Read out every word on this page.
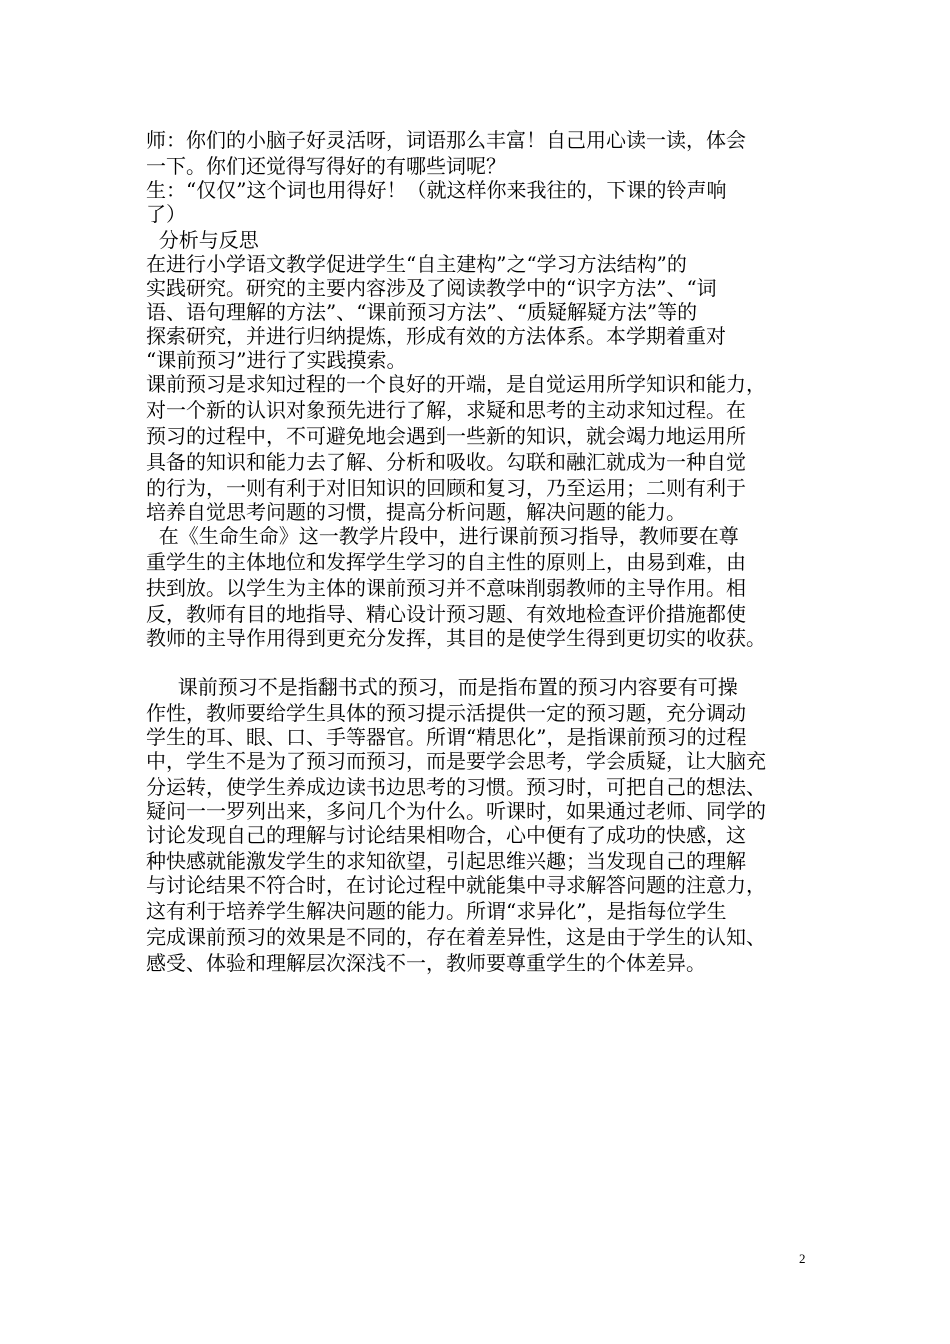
师：你们的小脑子好灵活呀，词语那么丰富！自己用心读一读，体会
一下。你们还觉得写得好的有哪些词呢？
生：“仅仅”这个词也用得好！（就这样你来我往的，下课的铃声响
了）
分析与反思
在进行小学语文教学促进学生“自主建构”之“学习方法结构”的
实践研究。研究的主要内容涉及了阅读教学中的“识字方法”、“词
语、语句理解的方法”、“课前预习方法”、“质疑解疑方法”等的
探索研究，并进行归纳提炼，形成有效的方法体系。本学期着重对
“课前预习”进行了实践摸索。
课前预习是求知过程的一个良好的开端，是自觉运用所学知识和能力，
对一个新的认识对象预先进行了解，求疑和思考的主动求知过程。在
预习的过程中，不可避免地会遇到一些新的知识，就会竭力地运用所
具备的知识和能力去了解、分析和吸收。勾联和融汇就成为一种自觉
的行为，一则有利于对旧知识的回顾和复习，乃至运用；二则有利于
培养自觉思考问题的习惯，提高分析问题，解决问题的能力。
在《生命生命》这一教学片段中，进行课前预习指导，教师要在尊
重学生的主体地位和发挥学生学习的自主性的原则上，由易到难，由
扶到放。以学生为主体的课前预习并不意味削弱教师的主导作用。相
反，教师有目的地指导、精心设计预习题、有效地检查评价措施都使
教师的主导作用得到更充分发挥，其目的是使学生得到更切实的收获。
课前预习不是指翻书式的预习，而是指布置的预习内容要有可操
作性，教师要给学生具体的预习提示活提供一定的预习题，充分调动
学生的耳、眼、口、手等器官。所谓“精思化”，是指课前预习的过程
中，学生不是为了预习而预习，而是要学会思考，学会质疑，让大脑充
分运转，使学生养成边读书边思考的习惯。预习时，可把自己的想法、
疑问一一罗列出来，多问几个为什么。听课时，如果通过老师、同学的
讨论发现自己的理解与讨论结果相吻合，心中便有了成功的快感，这
种快感就能激发学生的求知欲望，引起思维兴趣；当发现自己的理解
与讨论结果不符合时，在讨论过程中就能集中寻求解答问题的注意力，
这有利于培养学生解决问题的能力。所谓“求异化”，是指每位学生
完成课前预习的效果是不同的，存在着差异性，这是由于学生的认知、
感受、体验和理解层次深浅不一，教师要尊重学生的个体差异。
2
